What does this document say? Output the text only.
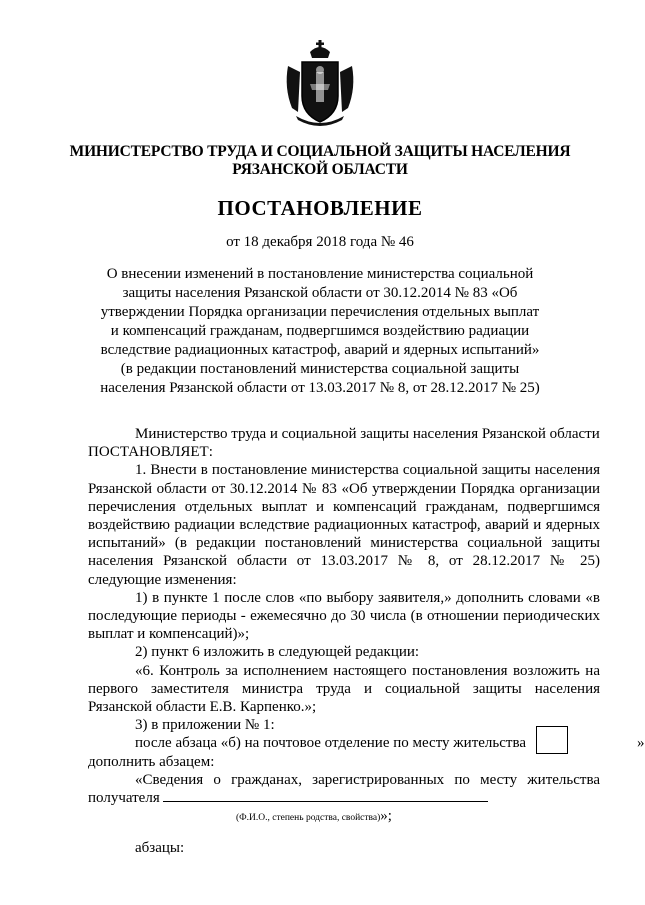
МИНИСТЕРСТВО ТРУДА И СОЦИАЛЬНОЙ ЗАЩИТЫ НАСЕЛЕНИЯ
РЯЗАНСКОЙ ОБЛАСТИ
ПОСТАНОВЛЕНИЕ
от 18 декабря 2018 года № 46
О внесении изменений в постановление министерства социальной защиты населения Рязанской области от 30.12.2014 № 83 «Об утверждении Порядка организации перечисления отдельных выплат и компенсаций гражданам, подвергшимся воздействию радиации вследствие радиационных катастроф, аварий и ядерных испытаний» (в редакции постановлений министерства социальной защиты населения Рязанской области от 13.03.2017 № 8, от 28.12.2017 № 25)

Министерство труда и социальной защиты населения Рязанской области

ПОСТАНОВЛЯЕТ:

1. Внести в постановление министерства социальной защиты населения Рязанской области от 30.12.2014 № 83 «Об утверждении Порядка организации перечисления отдельных выплат и компенсаций гражданам, подвергшимся воздействию радиации вследствие радиационных катастроф, аварий и ядерных испытаний» (в редакции постановлений министерства социальной защиты населения Рязанской области от 13.03.2017 № 8, от 28.12.2017 № 25) следующие изменения:

1) в пункте 1 после слов «по выбору заявителя,» дополнить словами «в последующие периоды - ежемесячно до 30 числа (в отношении периодических выплат и компенсаций)»;

2) пункт 6 изложить в следующей редакции:

«6. Контроль за исполнением настоящего постановления возложить на первого заместителя министра труда и социальной защиты населения Рязанской области Е.В. Карпенко.»;

3) в приложении № 1:

после абзаца «б) на почтовое отделение по месту жительства	»

дополнить абзацем:

«Сведения о гражданах, зарегистрированных по месту жительства получателя

(Ф.И.О., степень родства, свойства)»;

абзацы:
